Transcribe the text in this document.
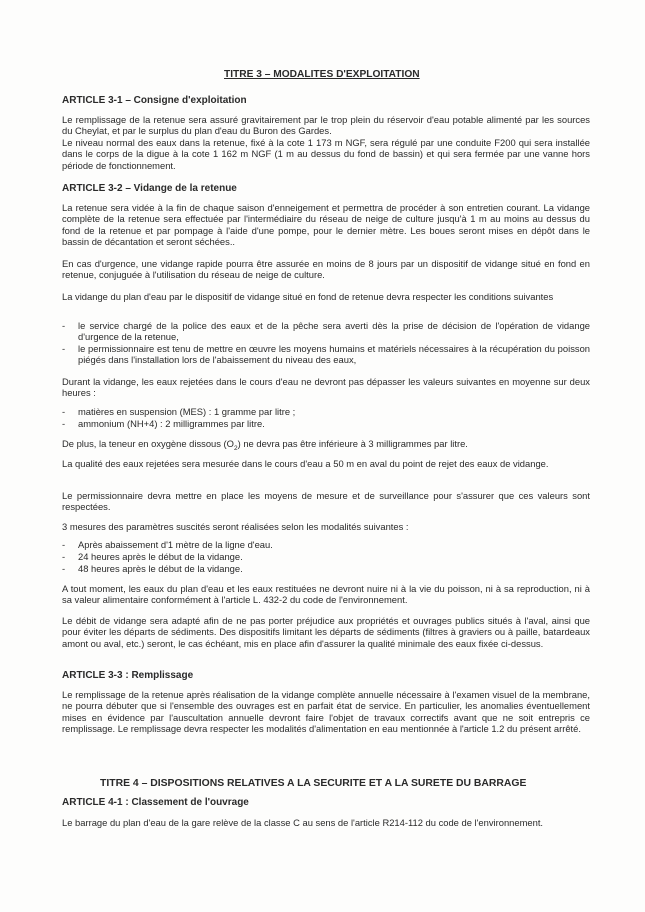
TITRE 3 – MODALITES D'EXPLOITATION
ARTICLE 3-1 – Consigne d'exploitation
Le remplissage de la retenue sera assuré gravitairement par le trop plein du réservoir d'eau potable alimenté par les sources du Cheylat, et par le surplus du plan d'eau du Buron des Gardes.
Le niveau normal des eaux dans la retenue, fixé à la cote 1 173 m NGF, sera régulé par une conduite F200 qui sera installée dans le corps de la digue à la cote 1 162 m NGF (1 m au dessus du fond de bassin) et qui sera fermée par une vanne hors période de fonctionnement.
ARTICLE 3-2 – Vidange de la retenue
La retenue sera vidée à la fin de chaque saison d'enneigement et permettra de procéder à son entretien courant. La vidange complète de la retenue sera effectuée par l'intermédiaire du réseau de neige de culture jusqu'à 1 m au moins au dessus du fond de la retenue et par pompage à l'aide d'une pompe, pour le dernier mètre. Les boues seront mises en dépôt dans le bassin de décantation et seront séchées..
En cas d'urgence, une vidange rapide pourra être assurée en moins de 8 jours par un dispositif de vidange situé en fond en retenue, conjuguée à l'utilisation du réseau de neige de culture.
La vidange du plan d'eau par le dispositif de vidange situé en fond de retenue devra respecter les conditions suivantes
- le service chargé de la police des eaux et de la pêche sera averti dès la prise de décision de l'opération de vidange d'urgence de la retenue,
- le permissionnaire est tenu de mettre en œuvre les moyens humains et matériels nécessaires à la récupération du poisson piégés dans l'installation lors de l'abaissement du niveau des eaux,
Durant la vidange, les eaux rejetées dans le cours d'eau ne devront pas dépasser les valeurs suivantes en moyenne sur deux heures :
- matières en suspension (MES) : 1 gramme par litre ;
- ammonium (NH+4) : 2 milligrammes par litre.
De plus, la teneur en oxygène dissous $(O_2)$ ne devra pas être inférieure à 3 milligrammes par litre.
La qualité des eaux rejetées sera mesurée dans le cours d'eau a 50 m en aval du point de rejet des eaux de vidange.
Le permissionnaire devra mettre en place les moyens de mesure et de surveillance pour s'assurer que ces valeurs sont respectées.
3 mesures des paramètres suscités seront réalisées selon les modalités suivantes :
- Après abaissement d'1 mètre de la ligne d'eau.
- 24 heures après le début de la vidange.
- 48 heures après le début de la vidange.
A tout moment, les eaux du plan d'eau et les eaux restituées ne devront nuire ni à la vie du poisson, ni à sa reproduction, ni à sa valeur alimentaire conformément à l'article L. 432-2 du code de l'environnement.
Le débit de vidange sera adapté afin de ne pas porter préjudice aux propriétés et ouvrages publics situés à l'aval, ainsi que pour éviter les départs de sédiments. Des dispositifs limitant les départs de sédiments (filtres à graviers ou à paille, batardeaux amont ou aval, etc.) seront, le cas échéant, mis en place afin d'assurer la qualité minimale des eaux fixée ci-dessus.
ARTICLE 3-3 : Remplissage
Le remplissage de la retenue après réalisation de la vidange complète annuelle nécessaire à l'examen visuel de la membrane, ne pourra débuter que si l'ensemble des ouvrages est en parfait état de service. En particulier, les anomalies éventuellement mises en évidence par l'auscultation annuelle devront faire l'objet de travaux correctifs avant que ne soit entrepris ce remplissage. Le remplissage devra respecter les modalités d'alimentation en eau mentionnée à l'article 1.2 du présent arrêté.
TITRE 4 – DISPOSITIONS RELATIVES A LA SECURITE ET A LA SURETE DU BARRAGE
ARTICLE 4-1 : Classement de l'ouvrage
Le barrage du plan d'eau de la gare relève de la classe C au sens de l'article R214-112 du code de l'environnement.
